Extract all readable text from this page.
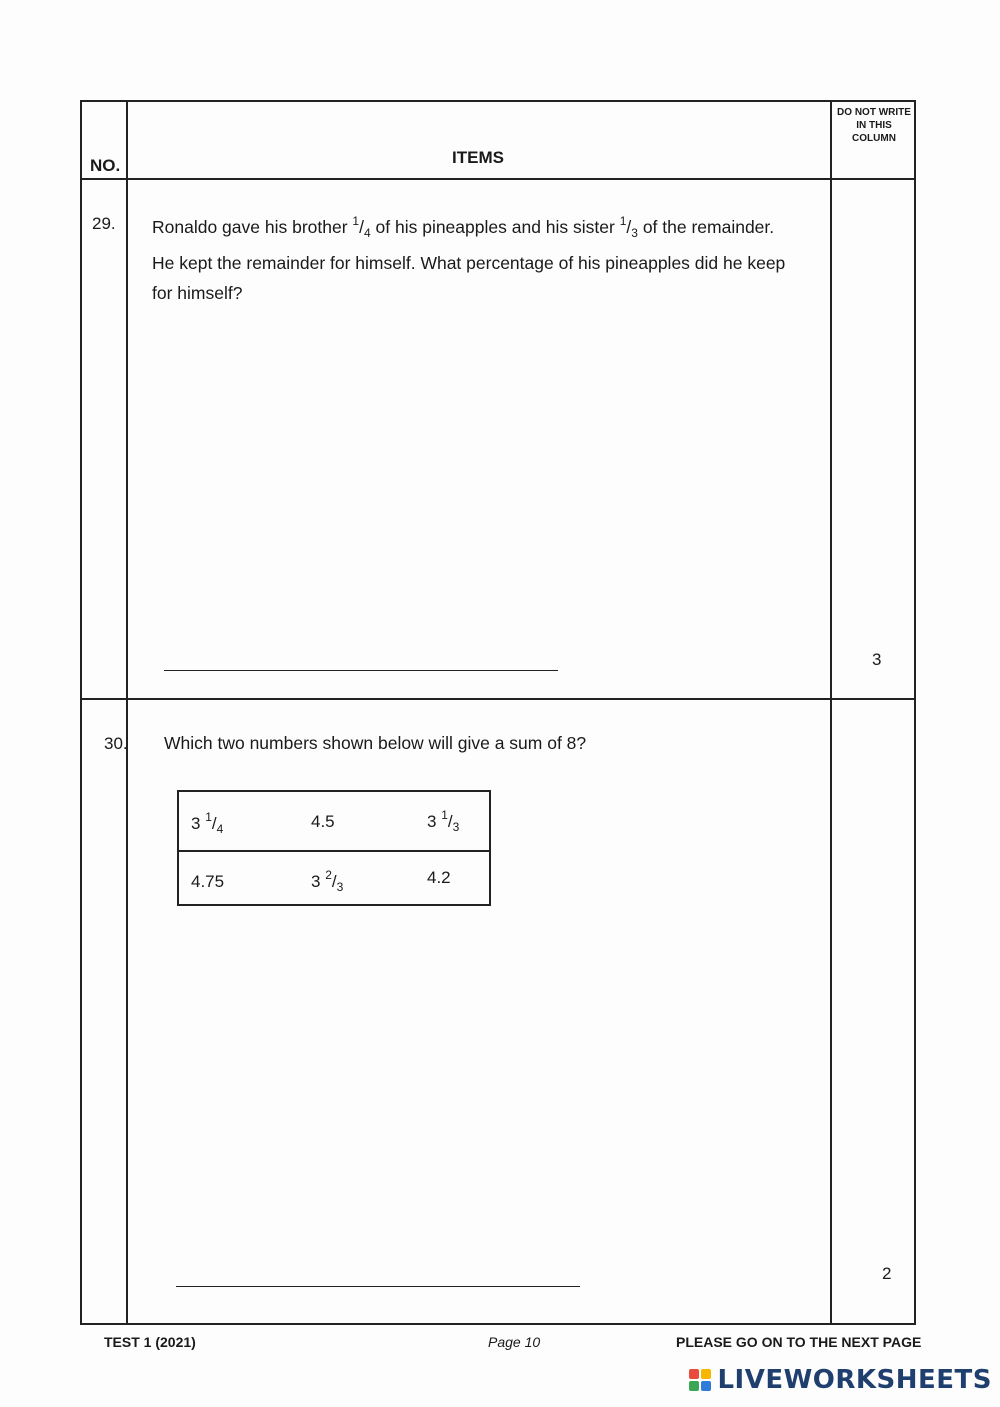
NO.	ITEMS
DO NOT WRITE IN THIS COLUMN
29. Ronaldo gave his brother $^1/_4$ of his pineapples and his sister $^1/_3$ of the remainder. He kept the remainder for himself. What percentage of his pineapples did he keep for himself?
3
30. Which two numbers shown below will give a sum of 8?
3 $^1/_4$	4.5	3 $^1/_3$
4.75	3 $^2/_3$	4.2
2
TEST 1 (2021)	Page 10	PLEASE GO ON TO THE NEXT PAGE
LIVEWORKSHEETS
